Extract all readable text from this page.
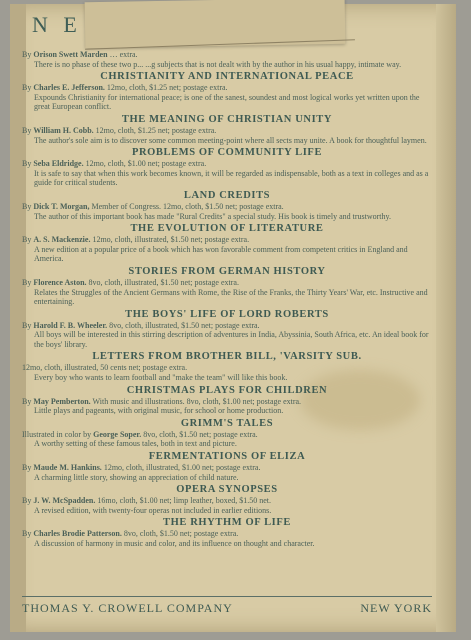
N E
By Orison Swett Marden … extra.
There is no phase of these two p... ...g subjects that is not dealt with by the author in his usual happy, intimate way.
CHRISTIANITY AND INTERNATIONAL PEACE
By Charles E. Jefferson. 12mo, cloth, $1.25 net; postage extra.
Expounds Christianity for international peace; is one of the sanest, soundest and most logical works yet written upon the great European conflict.
THE MEANING OF CHRISTIAN UNITY
By William H. Cobb. 12mo, cloth, $1.25 net; postage extra.
The author's sole aim is to discover some common meeting-point where all sects may unite. A book for thoughtful laymen.
PROBLEMS OF COMMUNITY LIFE
By Seba Eldridge. 12mo, cloth, $1.00 net; postage extra.
It is safe to say that when this work becomes known, it will be regarded as indispensable, both as a text in colleges and as a guide for critical students.
LAND CREDITS
By Dick T. Morgan, Member of Congress. 12mo, cloth, $1.50 net; postage extra.
The author of this important book has made "Rural Credits" a special study. His book is timely and trustworthy.
THE EVOLUTION OF LITERATURE
By A. S. Mackenzie. 12mo, cloth, illustrated, $1.50 net; postage extra.
A new edition at a popular price of a book which has won favorable comment from competent critics in England and America.
STORIES FROM GERMAN HISTORY
By Florence Aston. 8vo, cloth, illustrated, $1.50 net; postage extra.
Relates the Struggles of the Ancient Germans with Rome, the Rise of the Franks, the Thirty Years' War, etc. Instructive and entertaining.
THE BOYS' LIFE OF LORD ROBERTS
By Harold F. B. Wheeler. 8vo, cloth, illustrated, $1.50 net; postage extra.
All boys will be interested in this stirring description of adventures in India, Abyssinia, South Africa, etc. An ideal book for the boys' library.
LETTERS FROM BROTHER BILL, 'VARSITY SUB.
12mo, cloth, illustrated, 50 cents net; postage extra.
Every boy who wants to learn football and "make the team" will like this book.
CHRISTMAS PLAYS FOR CHILDREN
By May Pemberton. With music and illustrations. 8vo, cloth, $1.00 net; postage extra.
Little plays and pageants, with original music, for school or home production.
GRIMM'S TALES
Illustrated in color by George Soper. 8vo, cloth, $1.50 net; postage extra.
A worthy setting of these famous tales, both in text and picture.
FERMENTATIONS OF ELIZA
By Maude M. Hankins. 12mo, cloth, illustrated, $1.00 net; postage extra.
A charming little story, showing an appreciation of child nature.
OPERA SYNOPSES
By J. W. McSpadden. 16mo, cloth, $1.00 net; limp leather, boxed, $1.50 net.
A revised edition, with twenty-four operas not included in earlier editions.
THE RHYTHM OF LIFE
By Charles Brodie Patterson. 8vo, cloth, $1.50 net; postage extra.
A discussion of harmony in music and color, and its influence on thought and character.
THOMAS Y. CROWELL COMPANY	NEW YORK
